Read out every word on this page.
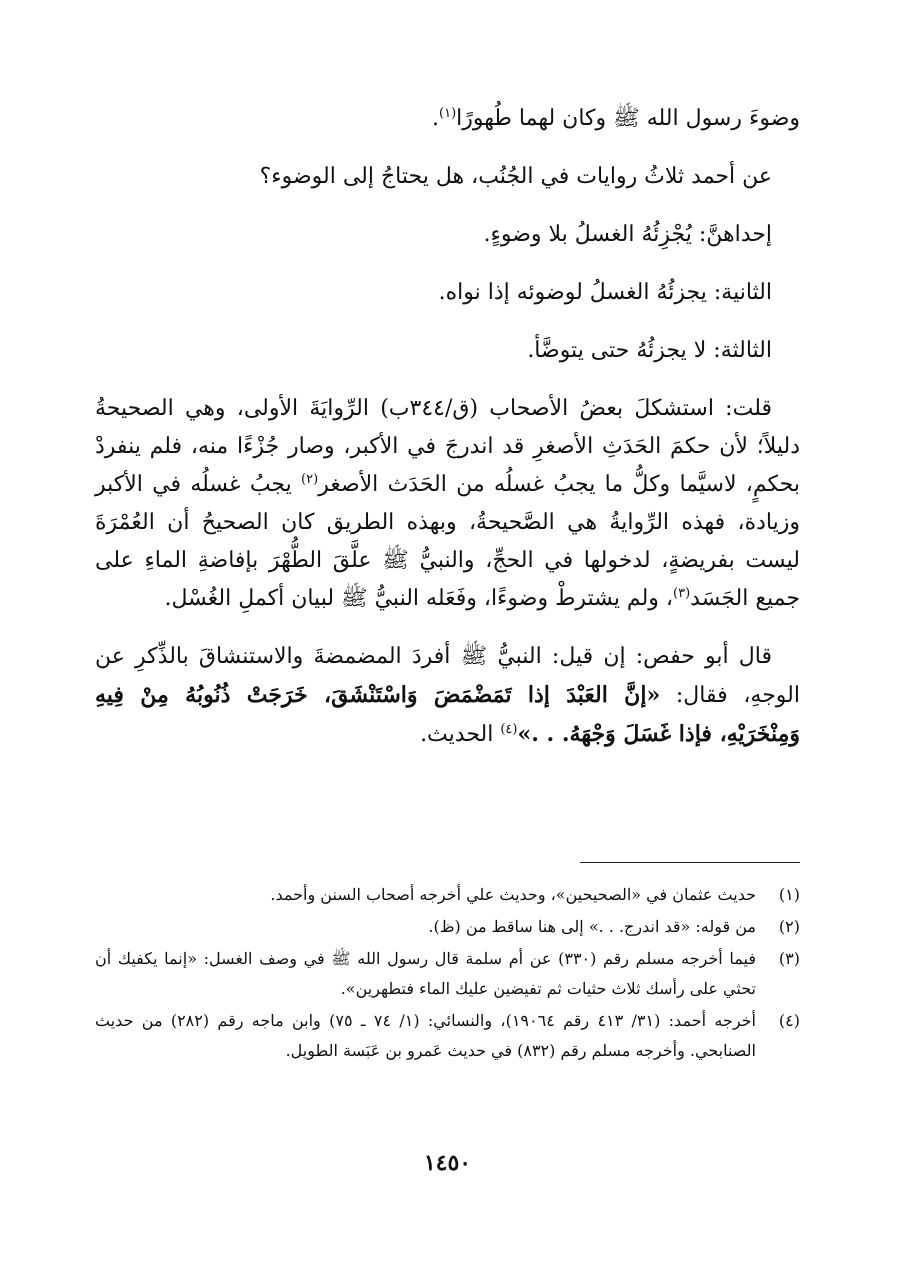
وضوءَ رسول الله ﷺ وكان لهما طُهورًا$^{(١)}$.

عن أحمد ثلاثُ روايات في الجُنُب، هل يحتاجُ إلى الوضوء؟

إحداهنَّ: يُجْزِئُهُ الغسلُ بلا وضوءٍ.

الثانية: يجزئُهُ الغسلُ لوضوئه إذا نواه.

الثالثة: لا يجزئُهُ حتى يتوضَّأ.

قلت: استشكلَ بعضُ الأصحاب (ق/٣٤٤ب) الرِّوايَةَ الأولى، وهي الصحيحةُ دليلاً؛ لأن حكمَ الحَدَثِ الأصغرِ قد اندرجَ في الأكبر، وصار جُزْءًا منه، فلم ينفردْ بحكمٍ، لاسيَّما وكلُّ ما يجبُ غسلُه من الحَدَث الأصغر$^{(٢)}$ يجبُ غسلُه في الأكبر وزيادة، فهذه الرِّوايةُ هي الصَّحيحةُ، وبهذه الطريق كان الصحيحُ أن العُمْرَةَ ليست بفريضةٍ، لدخولها في الحجِّ، والنبيُّ ﷺ علَّقَ الطُّهْرَ بإفاضةِ الماءِ على جميع الجَسَد$^{(٣)}$، ولم يشترطْ وضوءًا، وفَعَله النبيُّ ﷺ لبيان أكملِ الغُسْل.

قال أبو حفص: إن قيل: النبيُّ ﷺ أفردَ المضمضةَ والاستنشاقَ بالذِّكرِ عن الوجهِ، فقال: «إنَّ العَبْدَ إذا تَمَضْمَضَ وَاسْتَنْشَقَ، خَرَجَتْ ذُنُوبُهُ مِنْ فِيهِ وَمِنْخَرَيْهِ، فإذا غَسَلَ وَجْهَهُ. . .»$^{(٤)}$ الحديث.

(١)
حديث عثمان في «الصحيحين»، وحديث علي أخرجه أصحاب السنن وأحمد.
(٢)
من قوله: «قد اندرج. . .» إلى هنا ساقط من (ظ).
(٣)
فيما أخرجه مسلم رقم (٣٣٠) عن أم سلمة قال رسول الله ﷺ في وصف الغسل: «إنما يكفيك أن تحثي على رأسك ثلاث حثيات ثم تفيضين عليك الماء فتطهرين».
(٤)
أخرجه أحمد: (٣١/ ٤١٣ رقم ١٩٠٦٤)، والنسائي: (١/ ٧٤ ـ ٧٥) وابن ماجه رقم (٢٨٢) من حديث الصنابحي. وأخرجه مسلم رقم (٨٣٢) في حديث عَمرو بن عَبَسة الطويل.
١٤٥٠
